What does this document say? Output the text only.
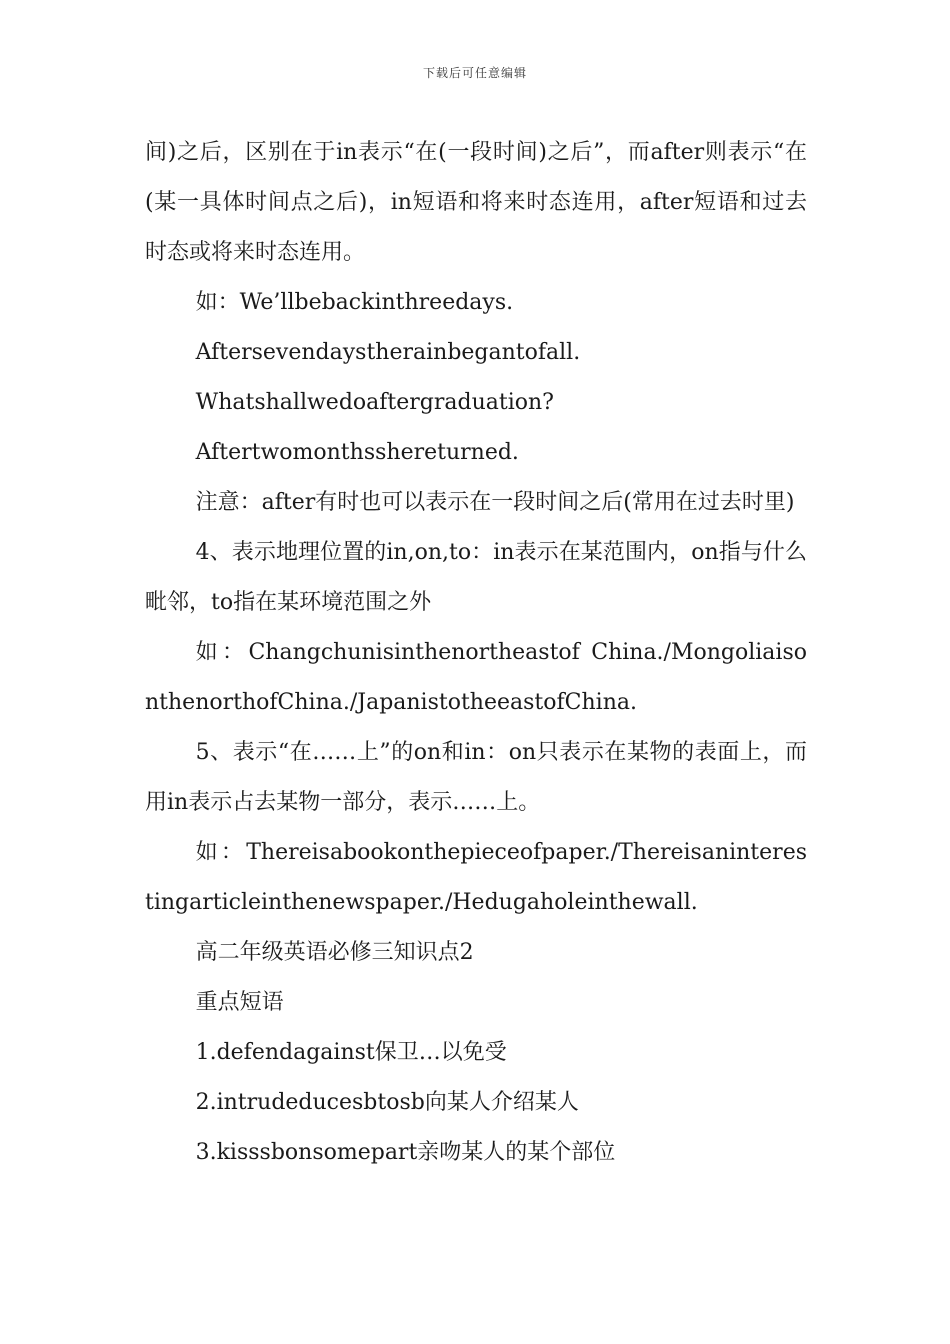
下载后可任意编辑

间)之后，区别在于in表示“在(一段时间)之后”，而after则表示“在(某一具体时间点之后)，in短语和将来时态连用，after短语和过去时态或将来时态连用。

如：We’llbebackinthreedays.

Aftersevendaystherainbegantofall.

Whatshallwedoaftergraduation?

Aftertwomonthsshereturned.

注意：after有时也可以表示在一段时间之后(常用在过去时里)

4、表示地理位置的in,on,to：in表示在某范围内，on指与什么毗邻，to指在某环境范围之外

如：Changchunisinthenortheastof China./MongoliaisonthenorthofChina./JapanistotheeastofChina.

5、表示“在……上”的on和in：on只表示在某物的表面上，而用in表示占去某物一部分，表示……上。

如：Thereisabookonthepieceofpaper./Thereisaninterestingarticleinthenewspaper./Hedugaholeinthewall.

高二年级英语必修三知识点2

重点短语

1.defendagainst保卫…以免受

2.intrudeducesbtosb向某人介绍某人

3.kisssbonsomepart亲吻某人的某个部位
